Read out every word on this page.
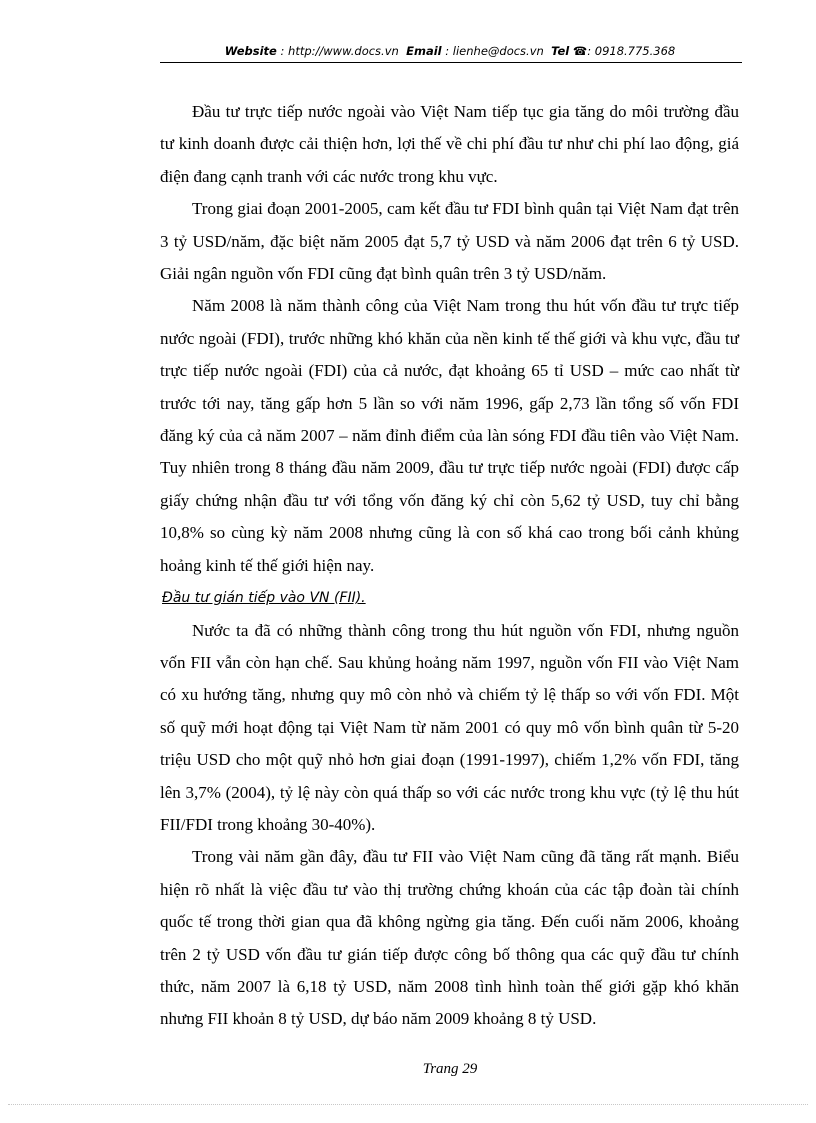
Website : http://www.docs.vn Email : lienhe@docs.vn Tel ☎: 0918.775.368

Đầu tư trực tiếp nước ngoài vào Việt Nam tiếp tục gia tăng do môi trường đầu tư kinh doanh được cải thiện hơn, lợi thế về chi phí đầu tư như chi phí lao động, giá điện đang cạnh tranh với các nước trong khu vực.

Trong giai đoạn 2001-2005, cam kết đầu tư FDI bình quân tại Việt Nam đạt trên 3 tỷ USD/năm, đặc biệt năm 2005 đạt 5,7 tỷ USD và năm 2006 đạt trên 6 tỷ USD. Giải ngân nguồn vốn FDI cũng đạt bình quân trên 3 tỷ USD/năm.

Năm 2008 là năm thành công của Việt Nam trong thu hút vốn đầu tư trực tiếp nước ngoài (FDI), trước những khó khăn của nền kinh tế thế giới và khu vực, đầu tư trực tiếp nước ngoài (FDI) của cả nước, đạt khoảng 65 tỉ USD – mức cao nhất từ trước tới nay, tăng gấp hơn 5 lần so với năm 1996, gấp 2,73 lần tổng số vốn FDI đăng ký của cả năm 2007 – năm đỉnh điểm của làn sóng FDI đầu tiên vào Việt Nam. Tuy nhiên trong 8 tháng đầu năm 2009, đầu tư trực tiếp nước ngoài (FDI) được cấp giấy chứng nhận đầu tư với tổng vốn đăng ký chỉ còn 5,62 tỷ USD, tuy chỉ bằng 10,8% so cùng kỳ năm 2008 nhưng cũng là con số khá cao trong bối cảnh khủng hoảng kinh tế thế giới hiện nay.

Đầu tư gián tiếp vào VN (FII).

Nước ta đã có những thành công trong thu hút nguồn vốn FDI, nhưng nguồn vốn FII vẫn còn hạn chế. Sau khủng hoảng năm 1997, nguồn vốn FII vào Việt Nam có xu hướng tăng, nhưng quy mô còn nhỏ và chiếm tỷ lệ thấp so với vốn FDI. Một số quỹ mới hoạt động tại Việt Nam từ năm 2001 có quy mô vốn bình quân từ 5-20 triệu USD cho một quỹ nhỏ hơn giai đoạn (1991-1997), chiếm 1,2% vốn FDI, tăng lên 3,7% (2004), tỷ lệ này còn quá thấp so với các nước trong khu vực (tỷ lệ thu hút FII/FDI trong khoảng 30-40%).

Trong vài năm gần đây, đầu tư FII vào Việt Nam cũng đã tăng rất mạnh. Biểu hiện rõ nhất là việc đầu tư vào thị trường chứng khoán của các tập đoàn tài chính quốc tế trong thời gian qua đã không ngừng gia tăng. Đến cuối năm 2006, khoảng trên 2 tỷ USD vốn đầu tư gián tiếp được công bố thông qua các quỹ đầu tư chính thức, năm 2007 là 6,18 tỷ USD, năm 2008 tình hình toàn thế giới gặp khó khăn nhưng FII khoản 8 tỷ USD, dự báo năm 2009 khoảng 8 tỷ USD.

Trang 29
